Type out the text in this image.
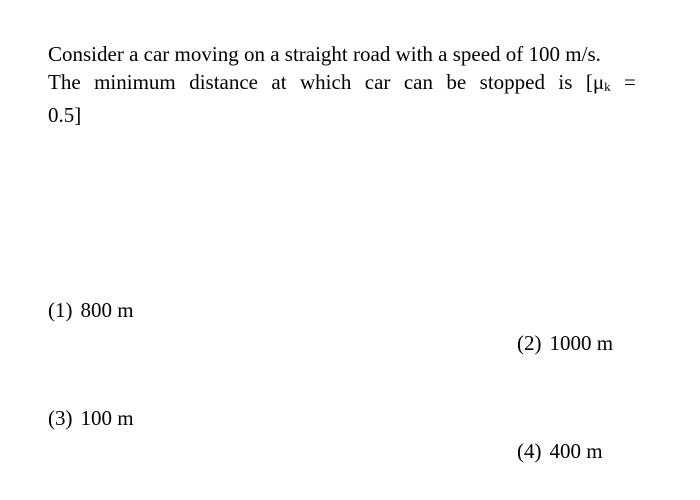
Consider a car moving on a straight road with a speed of 100 m/s.
The minimum distance at which car can be stopped is [μk =
0.5]
(1) 800 m
(2) 1000 m
(3) 100 m
(4) 400 m
